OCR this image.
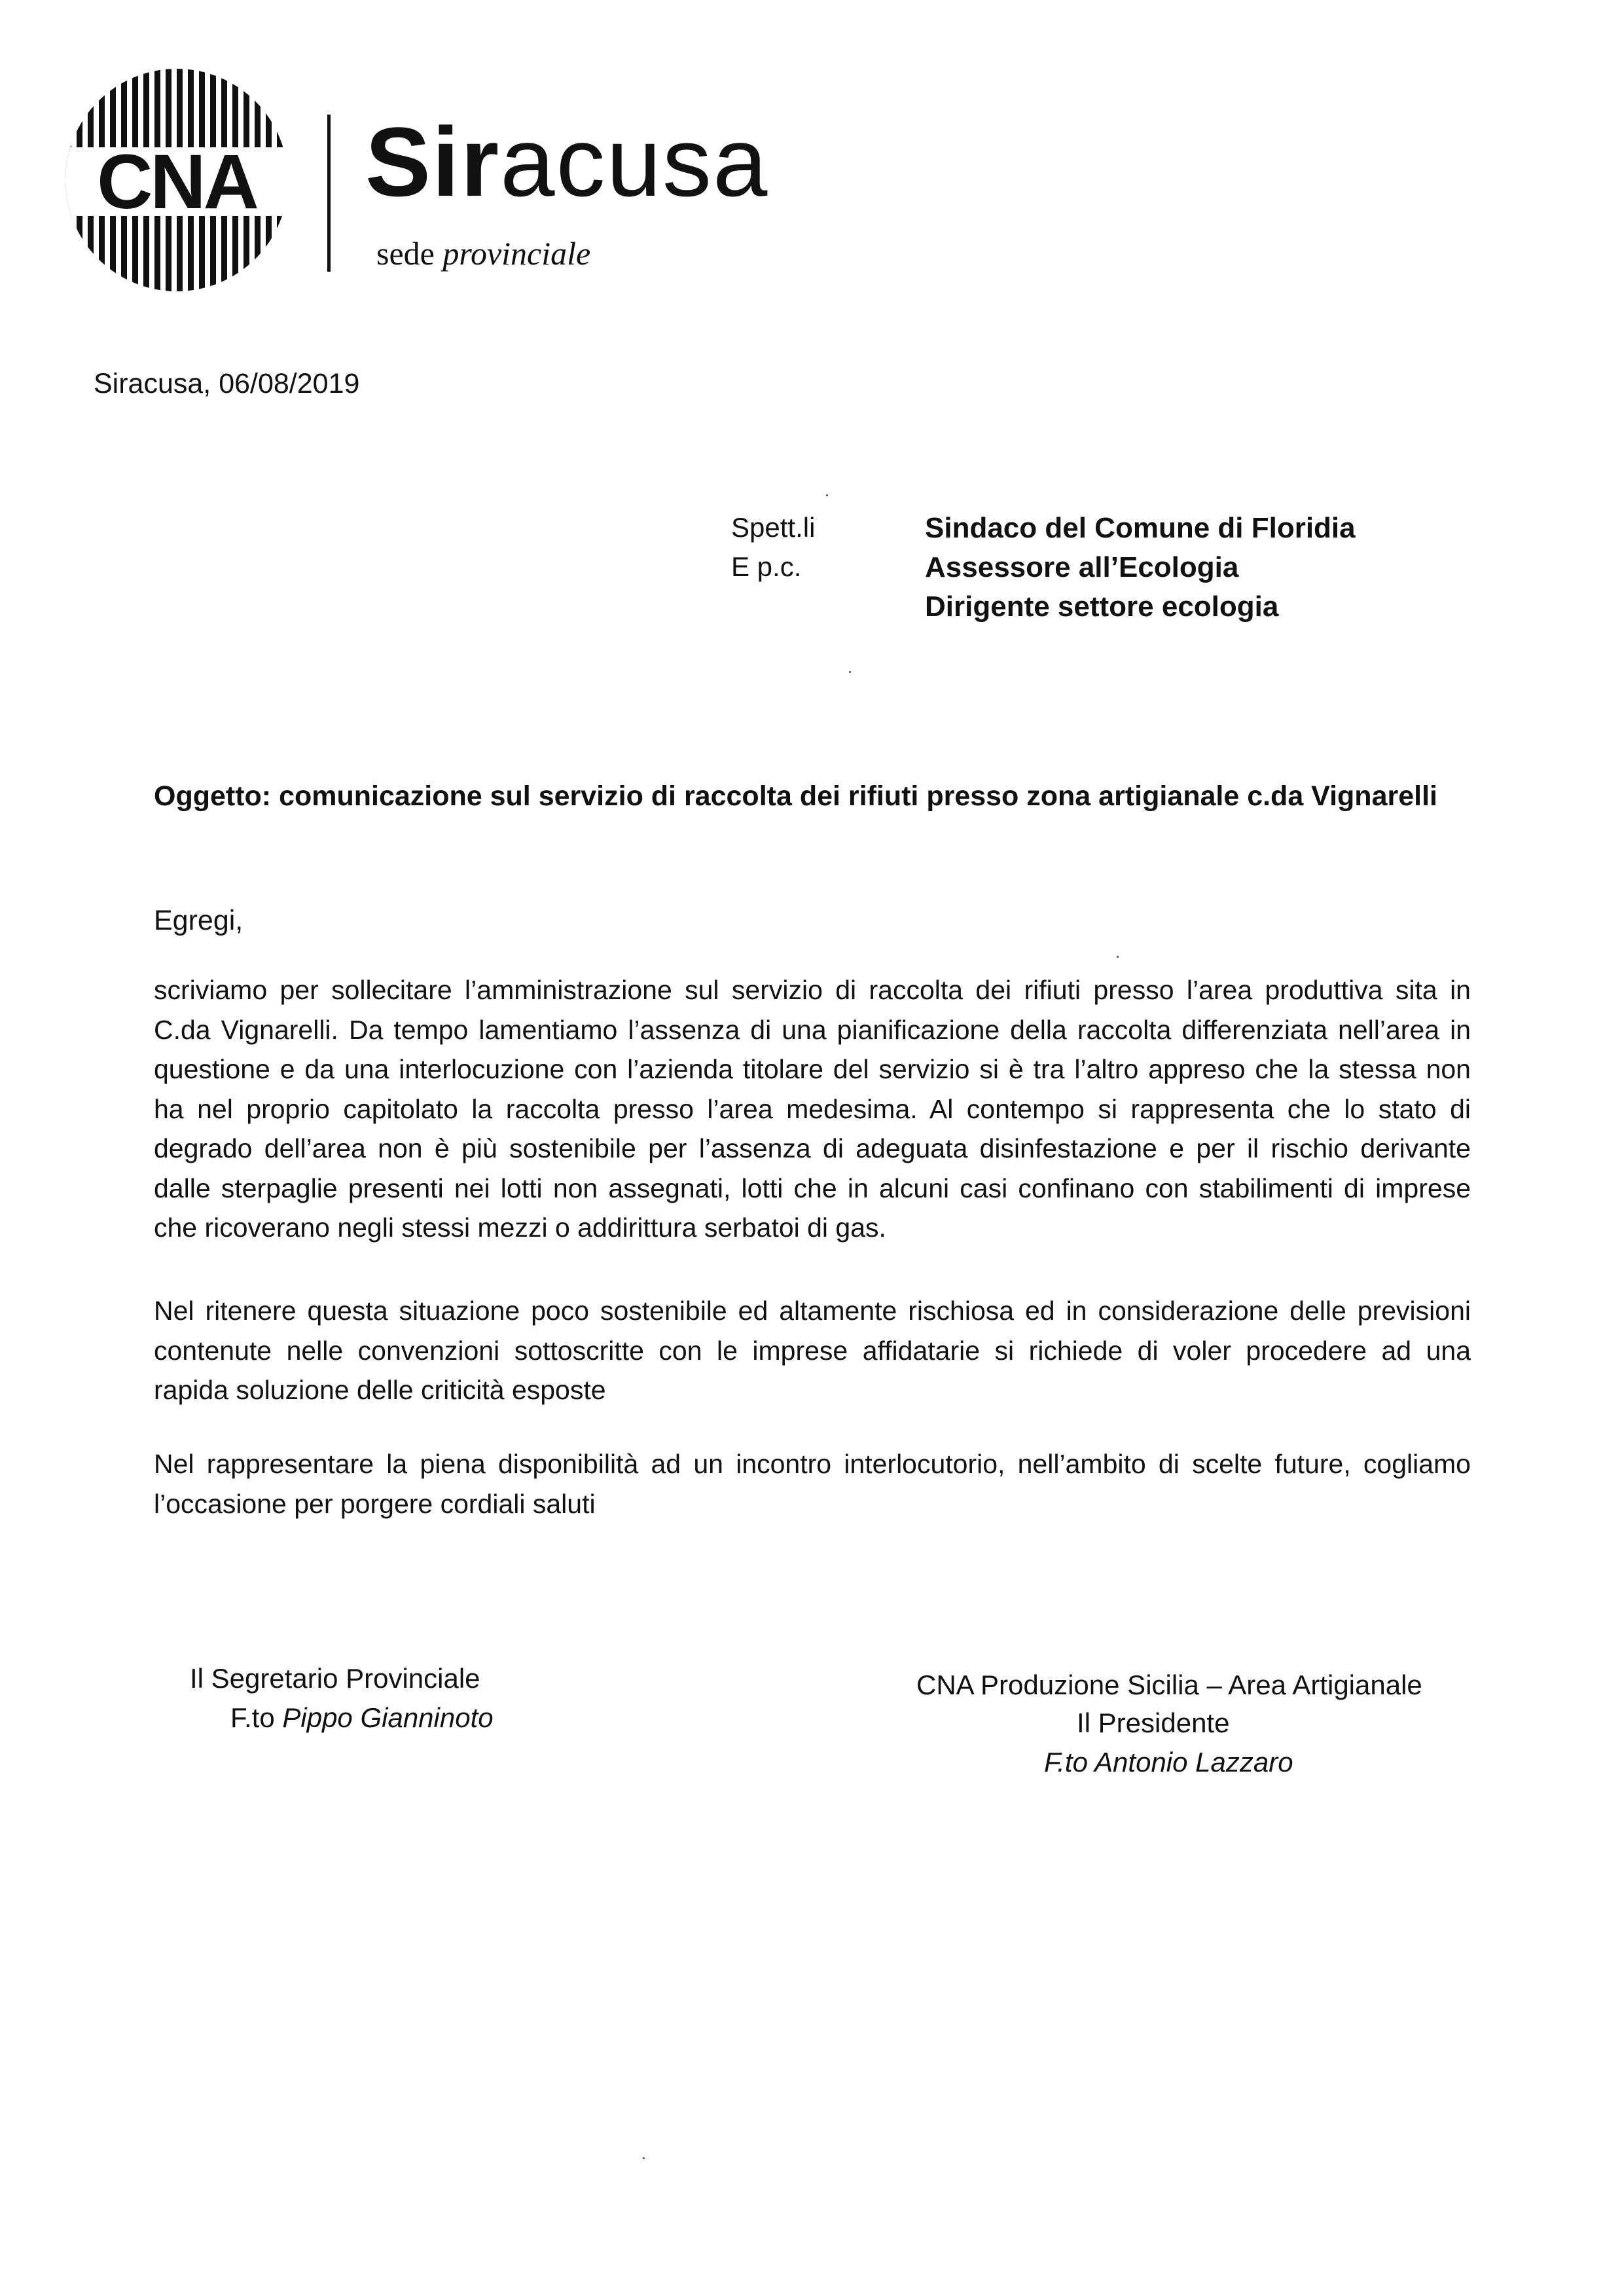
CNA Siracusa
sede provinciale
Siracusa, 06/08/2019
Spett.li
E p.c.
Sindaco del Comune di Floridia
Assessore all’Ecologia
Dirigente settore ecologia
Oggetto: comunicazione sul servizio di raccolta dei rifiuti presso zona artigianale c.da Vignarelli
Egregi,
scriviamo per sollecitare l’amministrazione sul servizio di raccolta dei rifiuti presso l’area produttiva sita in
C.da Vignarelli. Da tempo lamentiamo l’assenza di una pianificazione della raccolta differenziata nell’area in
questione e da una interlocuzione con l’azienda titolare del servizio si è tra l’altro appreso che la stessa non
ha nel proprio capitolato la raccolta presso l’area medesima. Al contempo si rappresenta che lo stato di
degrado dell’area non è più sostenibile per l’assenza di adeguata disinfestazione e per il rischio derivante
dalle sterpaglie presenti nei lotti non assegnati, lotti che in alcuni casi confinano con stabilimenti di imprese
che ricoverano negli stessi mezzi o addirittura serbatoi di gas.
Nel ritenere questa situazione poco sostenibile ed altamente rischiosa ed in considerazione delle previsioni
contenute nelle convenzioni sottoscritte con le imprese affidatarie si richiede di voler procedere ad una
rapida soluzione delle criticità esposte
Nel rappresentare la piena disponibilità ad un incontro interlocutorio, nell’ambito di scelte future, cogliamo
l’occasione per porgere cordiali saluti
Il Segretario Provinciale
F.to Pippo Gianninoto
CNA Produzione Sicilia – Area Artigianale
Il Presidente
F.to Antonio Lazzaro
